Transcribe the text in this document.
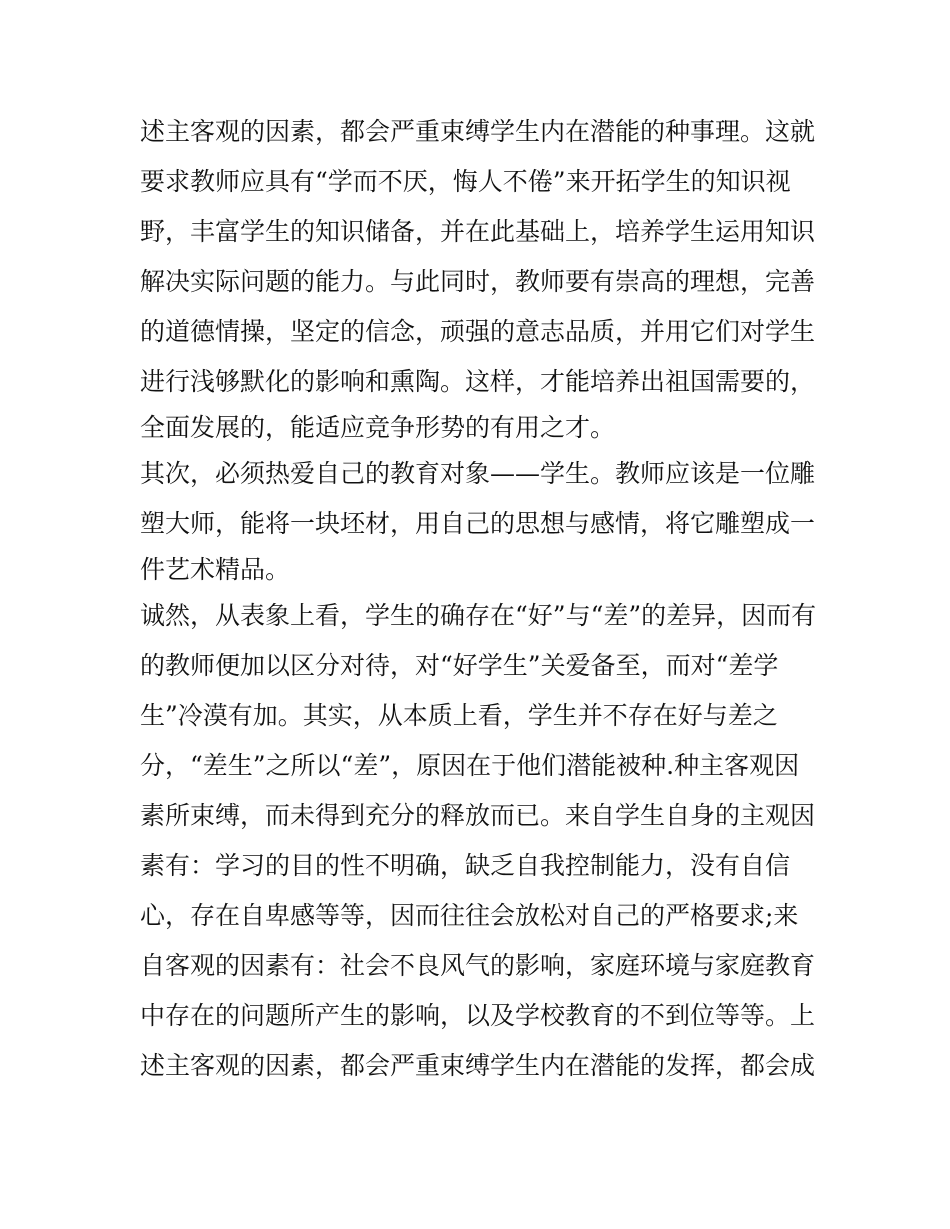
述主客观的因素，都会严重束缚学生内在潜能的种事理。这就
要求教师应具有“学而不厌，悔人不倦”来开拓学生的知识视
野，丰富学生的知识储备，并在此基础上，培养学生运用知识
解决实际问题的能力。与此同时，教师要有崇高的理想，完善
的道德情操，坚定的信念，顽强的意志品质，并用它们对学生
进行浅够默化的影响和熏陶。这样，才能培养出祖国需要的，
全面发展的，能适应竞争形势的有用之才。
其次，必须热爱自己的教育对象——学生。教师应该是一位雕
塑大师，能将一块坯材，用自己的思想与感情，将它雕塑成一
件艺术精品。
诚然，从表象上看，学生的确存在“好”与“差”的差异，因而有
的教师便加以区分对待，对“好学生”关爱备至，而对“差学
生”冷漠有加。其实，从本质上看，学生并不存在好与差之
分，“差生”之所以“差”，原因在于他们潜能被种.种主客观因
素所束缚，而未得到充分的释放而已。来自学生自身的主观因
素有：学习的目的性不明确，缺乏自我控制能力，没有自信
心，存在自卑感等等，因而往往会放松对自己的严格要求;来
自客观的因素有：社会不良风气的影响，家庭环境与家庭教育
中存在的问题所产生的影响，以及学校教育的不到位等等。上
述主客观的因素，都会严重束缚学生内在潜能的发挥，都会成
